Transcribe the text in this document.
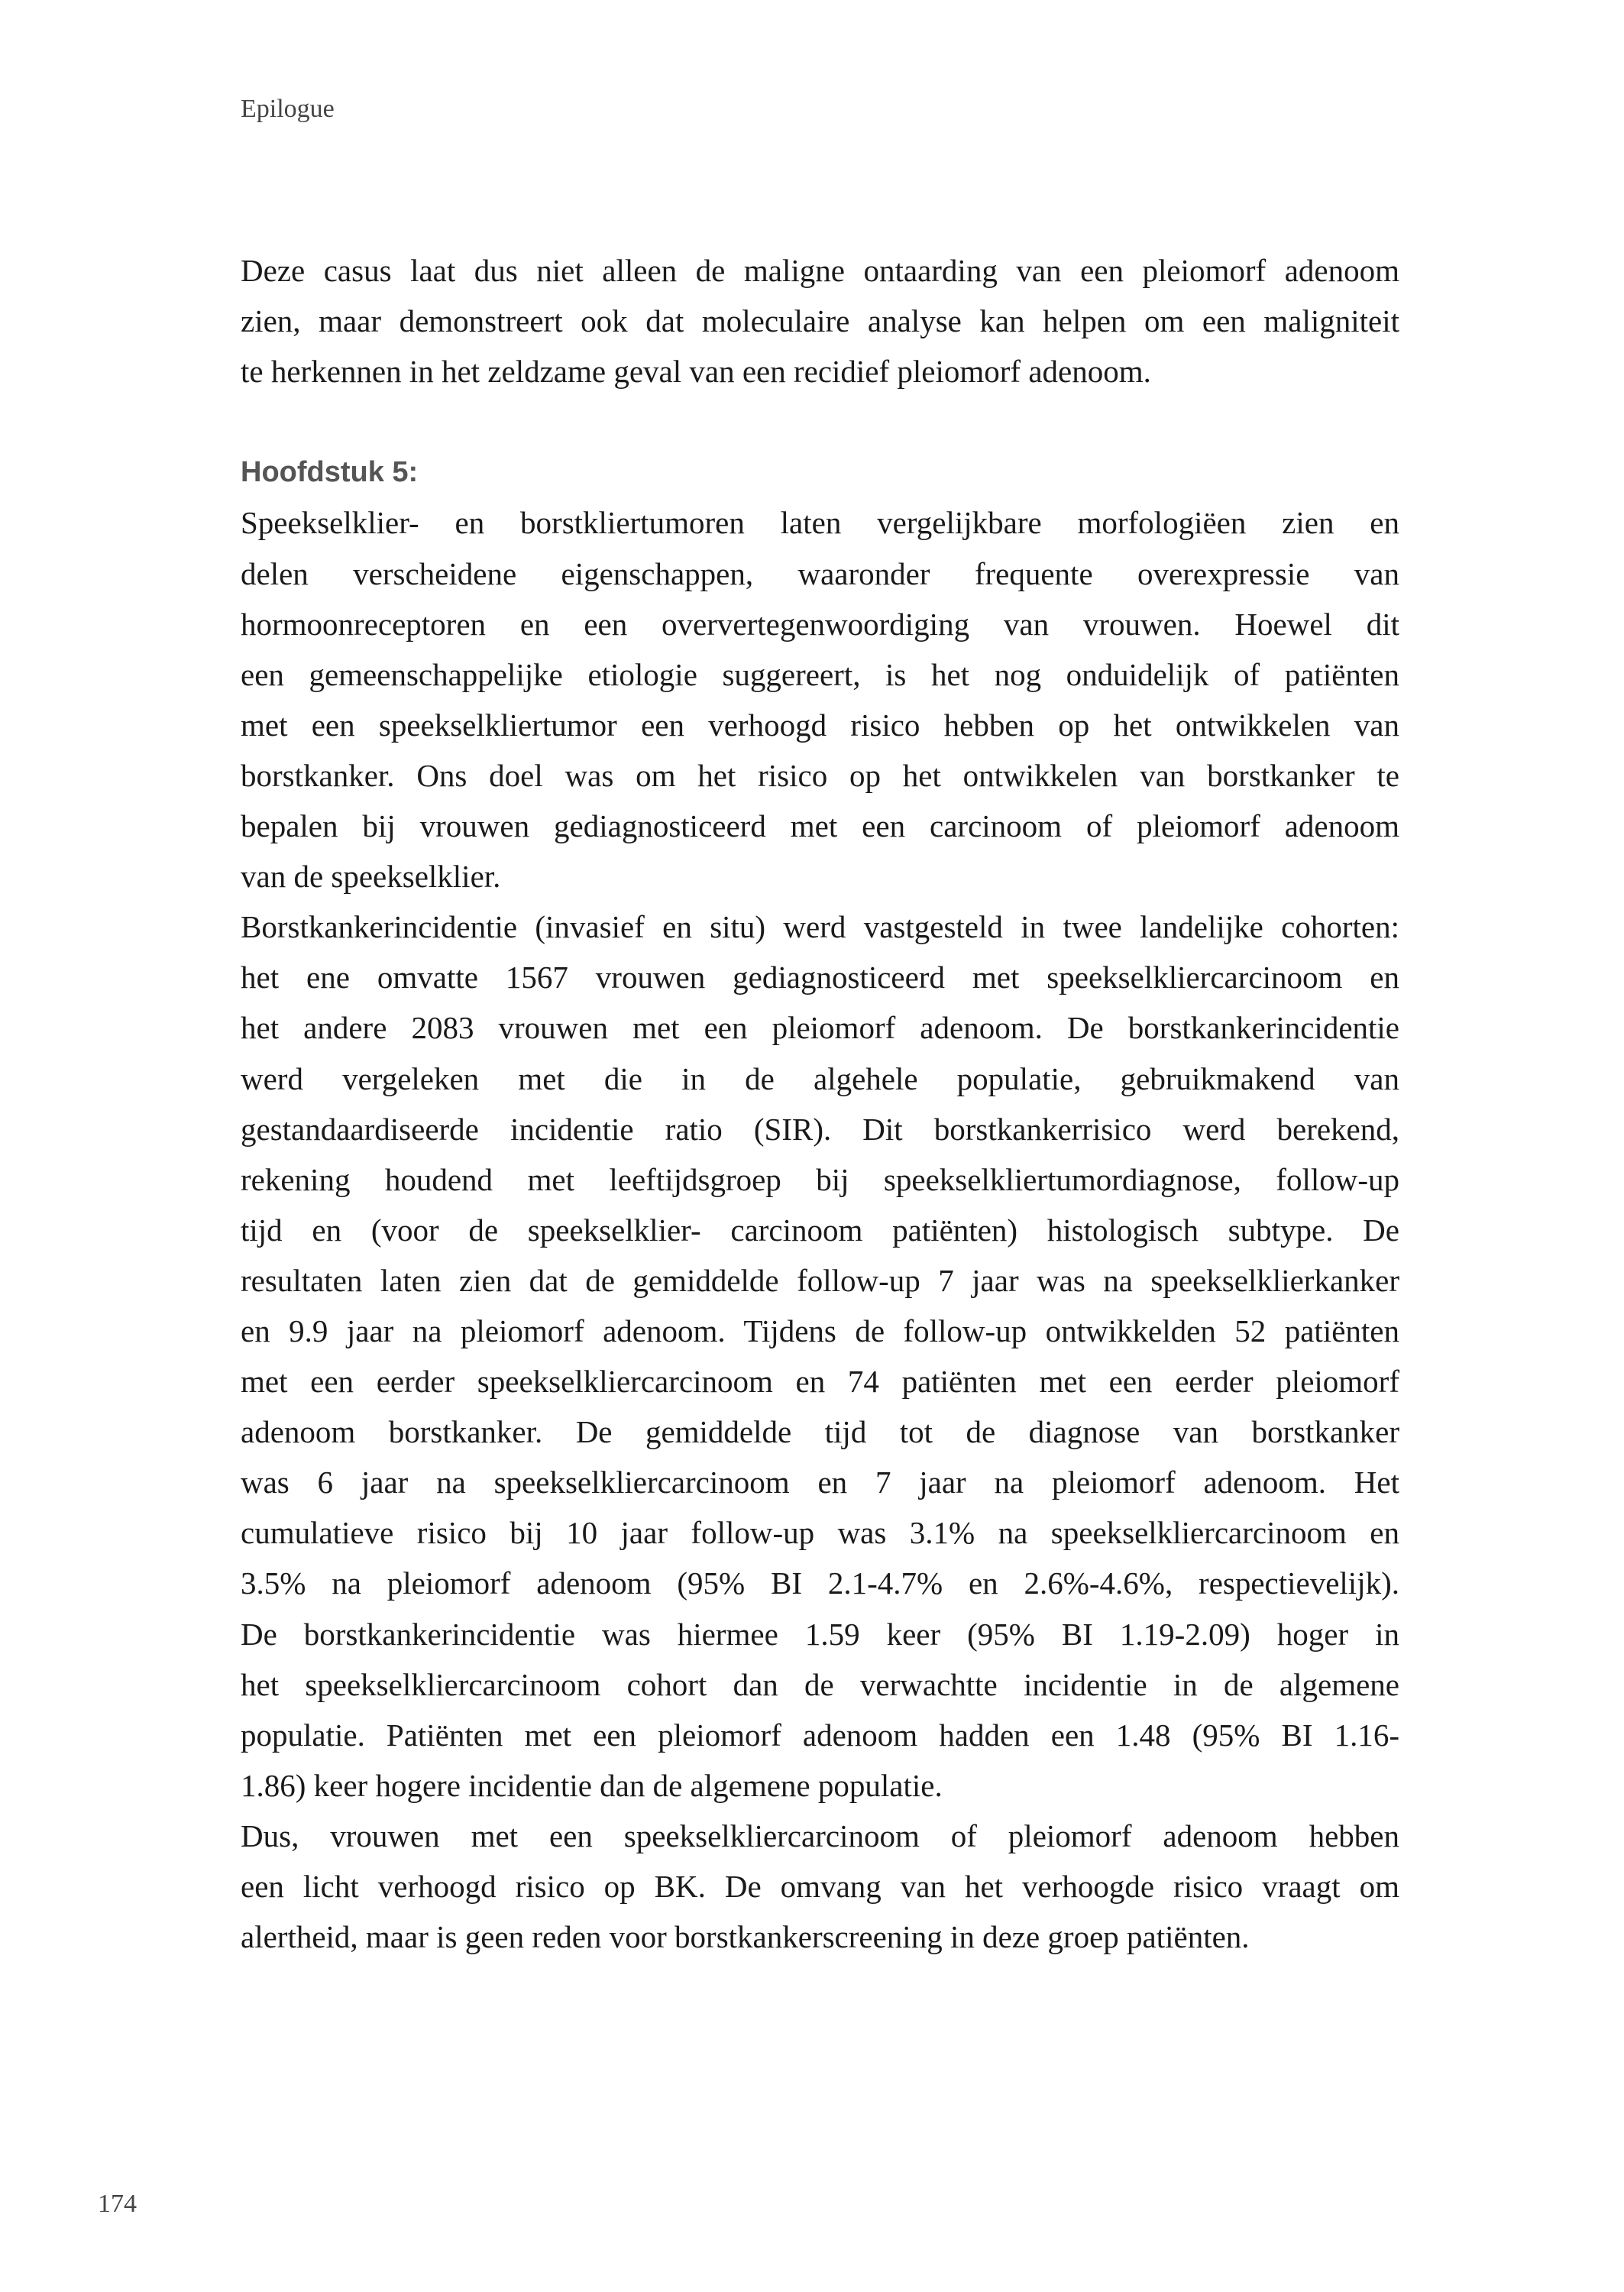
Epilogue
Deze casus laat dus niet alleen de maligne ontaarding van een pleiomorf adenoom
zien, maar demonstreert ook dat moleculaire analyse kan helpen om een maligniteit
te herkennen in het zeldzame geval van een recidief pleiomorf adenoom.
Hoofdstuk 5:
Speekselklier- en borstkliertumoren laten vergelijkbare morfologiëen zien en
delen verscheidene eigenschappen, waaronder frequente overexpressie van
hormoonreceptoren en een oververtegenwoordiging van vrouwen. Hoewel dit
een gemeenschappelijke etiologie suggereert, is het nog onduidelijk of patiënten
met een speekselkliertumor een verhoogd risico hebben op het ontwikkelen van
borstkanker. Ons doel was om het risico op het ontwikkelen van borstkanker te
bepalen bij vrouwen gediagnosticeerd met een carcinoom of pleiomorf adenoom
van de speekselklier.
Borstkankerincidentie (invasief en situ) werd vastgesteld in twee landelijke cohorten:
het ene omvatte 1567 vrouwen gediagnosticeerd met speekselkliercarcinoom en
het andere 2083 vrouwen met een pleiomorf adenoom. De borstkankerincidentie
werd vergeleken met die in de algehele populatie, gebruikmakend van
gestandaardiseerde incidentie ratio (SIR). Dit borstkankerrisico werd berekend,
rekening houdend met leeftijdsgroep bij speekselkliertumordiagnose, follow-up
tijd en (voor de speekselklier- carcinoom patiënten) histologisch subtype. De
resultaten laten zien dat de gemiddelde follow-up 7 jaar was na speekselklierkanker
en 9.9 jaar na pleiomorf adenoom. Tijdens de follow-up ontwikkelden 52 patiënten
met een eerder speekselkliercarcinoom en 74 patiënten met een eerder pleiomorf
adenoom borstkanker. De gemiddelde tijd tot de diagnose van borstkanker
was 6 jaar na speekselkliercarcinoom en 7 jaar na pleiomorf adenoom. Het
cumulatieve risico bij 10 jaar follow-up was 3.1% na speekselkliercarcinoom en
3.5% na pleiomorf adenoom (95% BI 2.1-4.7% en 2.6%-4.6%, respectievelijk).
De borstkankerincidentie was hiermee 1.59 keer (95% BI 1.19-2.09) hoger in
het speekselkliercarcinoom cohort dan de verwachtte incidentie in de algemene
populatie. Patiënten met een pleiomorf adenoom hadden een 1.48 (95% BI 1.16-
1.86) keer hogere incidentie dan de algemene populatie.
Dus, vrouwen met een speekselkliercarcinoom of pleiomorf adenoom hebben
een licht verhoogd risico op BK. De omvang van het verhoogde risico vraagt om
alertheid, maar is geen reden voor borstkankerscreening in deze groep patiënten.
174
